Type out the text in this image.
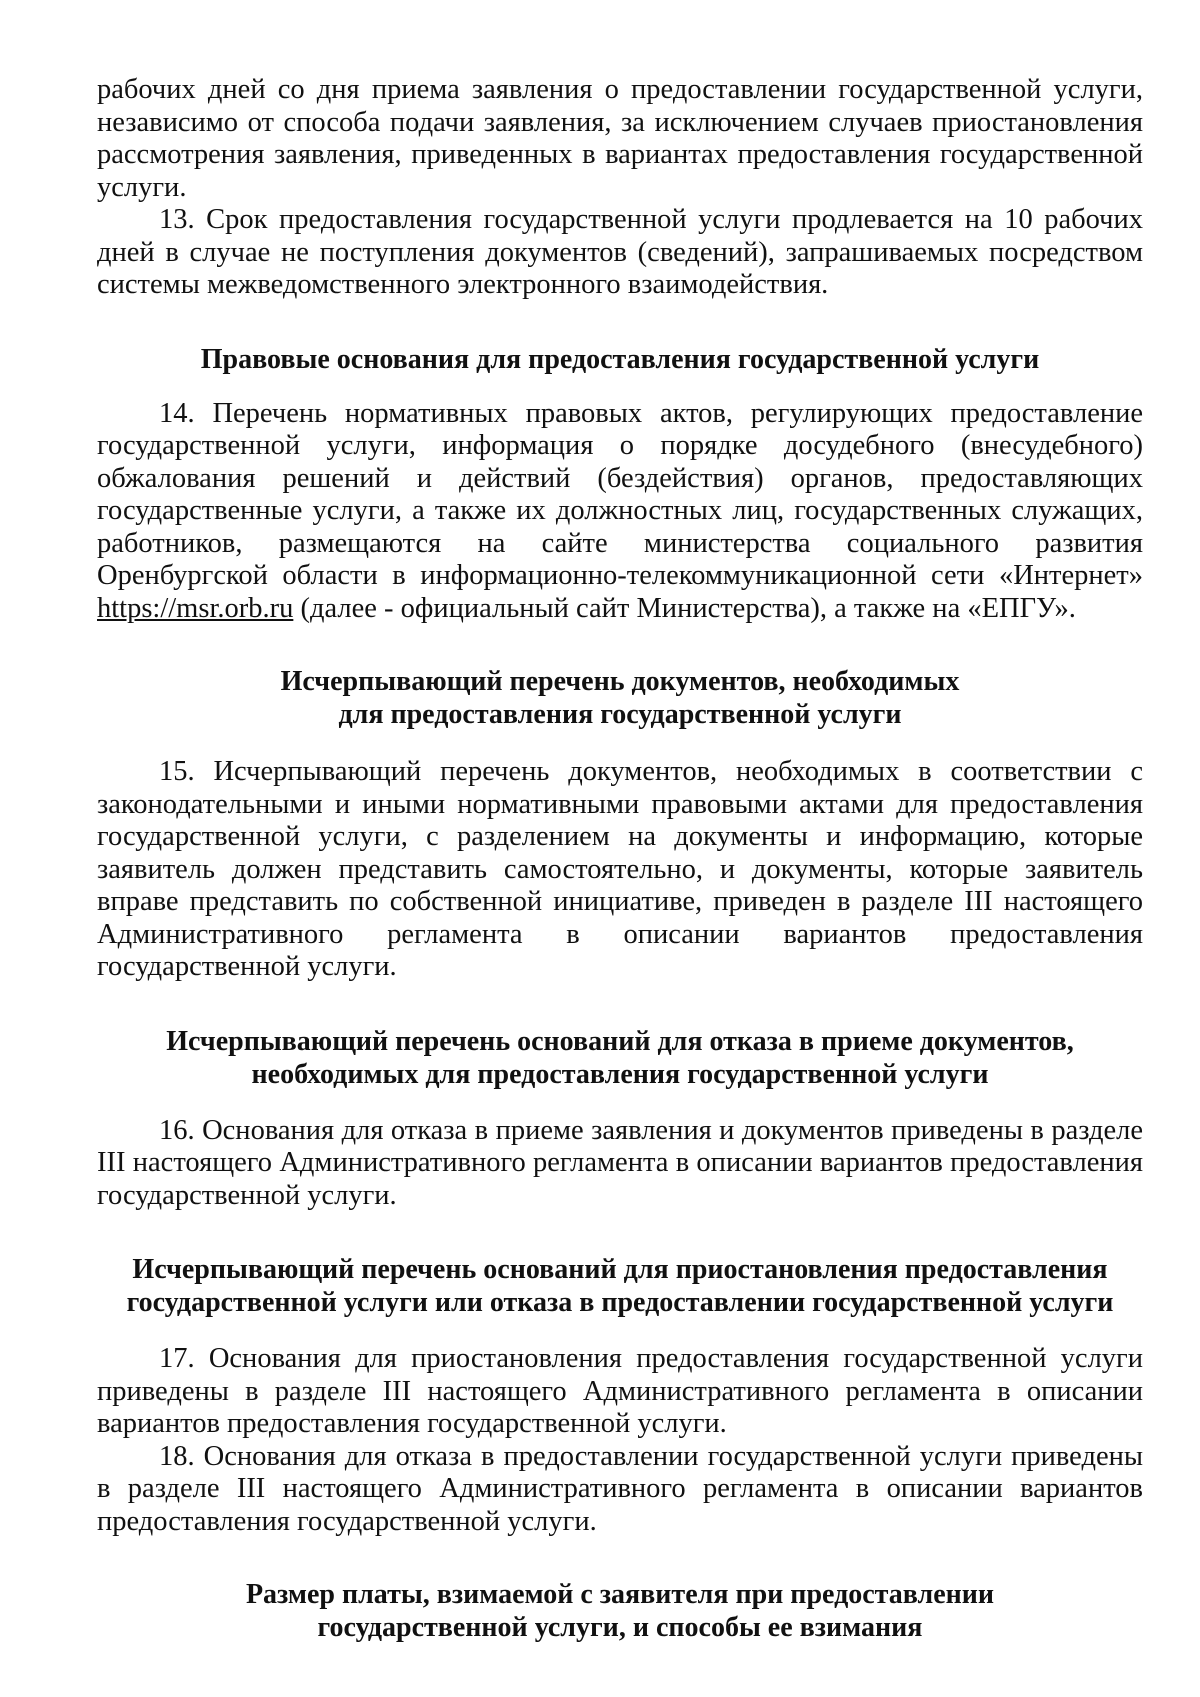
рабочих дней со дня приема заявления о предоставлении государственной услуги, независимо от способа подачи заявления, за исключением случаев приостановления рассмотрения заявления, приведенных в вариантах предоставления государственной услуги.

13. Срок предоставления государственной услуги продлевается на 10 рабочих дней в случае не поступления документов (сведений), запрашиваемых посредством системы межведомственного электронного взаимодействия.

Правовые основания для предоставления государственной услуги

14. Перечень нормативных правовых актов, регулирующих предоставление государственной услуги, информация о порядке досудебного (внесудебного) обжалования решений и действий (бездействия) органов, предоставляющих государственные услуги, а также их должностных лиц, государственных служащих, работников, размещаются на сайте министерства социального развития Оренбургской области в информационно-телекоммуникационной сети «Интернет» https://msr.orb.ru (далее - официальный сайт Министерства), а также на «ЕПГУ».

Исчерпывающий перечень документов, необходимых
для предоставления государственной услуги

15. Исчерпывающий перечень документов, необходимых в соответствии с законодательными и иными нормативными правовыми актами для предоставления государственной услуги, с разделением на документы и информацию, которые заявитель должен представить самостоятельно, и документы, которые заявитель вправе представить по собственной инициативе, приведен в разделе III настоящего Административного регламента в описании вариантов предоставления государственной услуги.

Исчерпывающий перечень оснований для отказа в приеме документов,
необходимых для предоставления государственной услуги

16. Основания для отказа в приеме заявления и документов приведены в разделе III настоящего Административного регламента в описании вариантов предоставления государственной услуги.

Исчерпывающий перечень оснований для приостановления предоставления
государственной услуги или отказа в предоставлении государственной услуги

17. Основания для приостановления предоставления государственной услуги приведены в разделе III настоящего Административного регламента в описании вариантов предоставления государственной услуги.

18. Основания для отказа в предоставлении государственной услуги приведены в разделе III настоящего Административного регламента в описании вариантов предоставления государственной услуги.

Размер платы, взимаемой с заявителя при предоставлении
государственной услуги, и способы ее взимания
